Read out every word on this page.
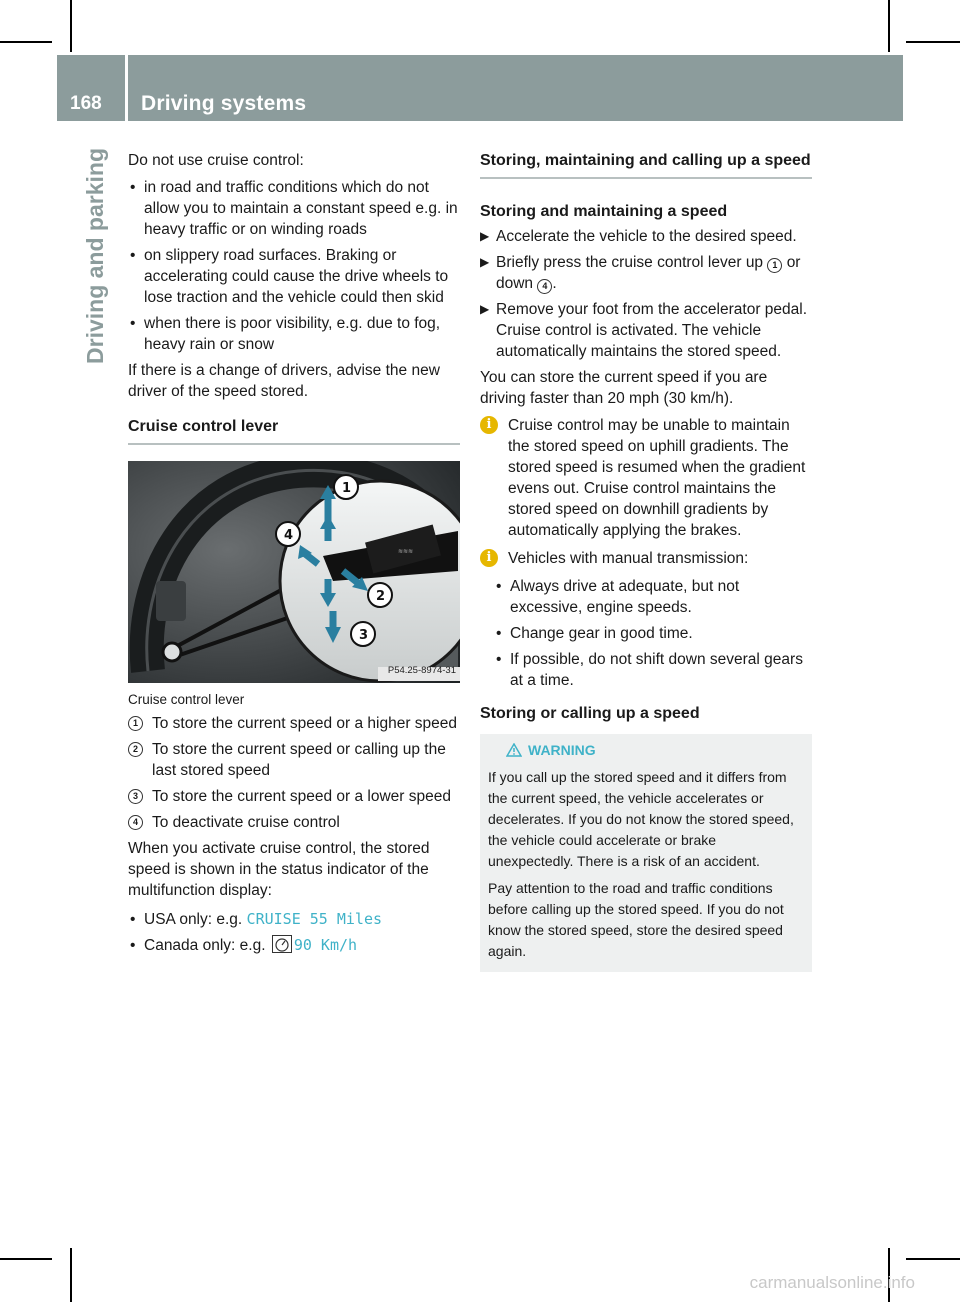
168	Driving systems
Driving and parking	Do not use cruise control:

• in road and traffic conditions which do not allow you to maintain a constant speed e.g. in heavy traffic or on winding roads
• on slippery road surfaces. Braking or accelerating could cause the drive wheels to lose traction and the vehicle could then skid
• when there is poor visibility, e.g. due to fog, heavy rain or snow

If there is a change of drivers, advise the new driver of the speed stored.

Cruise control lever
≋≋≋
1
2
3
4
P54.25-8974-31
Cruise control lever
1 To store the current speed or a higher speed
2 To store the current speed or calling up the last stored speed
3 To store the current speed or a lower speed
4 To deactivate cruise control

When you activate cruise control, the stored speed is shown in the status indicator of the multifunction display:

• USA only: e.g. CRUISE 55 Miles
• Canada only: e.g. 90 Km/h
Storing, maintaining and calling up a speed
Storing and maintaining a speed
▶ Accelerate the vehicle to the desired speed.
▶ Briefly press the cruise control lever up 1 or down 4 .
▶ Remove your foot from the accelerator pedal.
Cruise control is activated. The vehicle automatically maintains the stored speed.

You can store the current speed if you are driving faster than 20 mph (30 km/h).

i	Cruise control may be unable to maintain the stored speed on uphill gradients. The stored speed is resumed when the gradient evens out. Cruise control maintains the stored speed on downhill gradients by automatically applying the brakes.
i	Vehicles with manual transmission:
• Always drive at adequate, but not excessive, engine speeds.
• Change gear in good time.
• If possible, do not shift down several gears at a time.
Storing or calling up a speed
WARNING

If you call up the stored speed and it differs from the current speed, the vehicle accelerates or decelerates. If you do not know the stored speed, the vehicle could accelerate or brake unexpectedly. There is a risk of an accident.

Pay attention to the road and traffic conditions before calling up the stored speed. If you do not know the stored speed, store the desired speed again.

carmanualsonline.info
